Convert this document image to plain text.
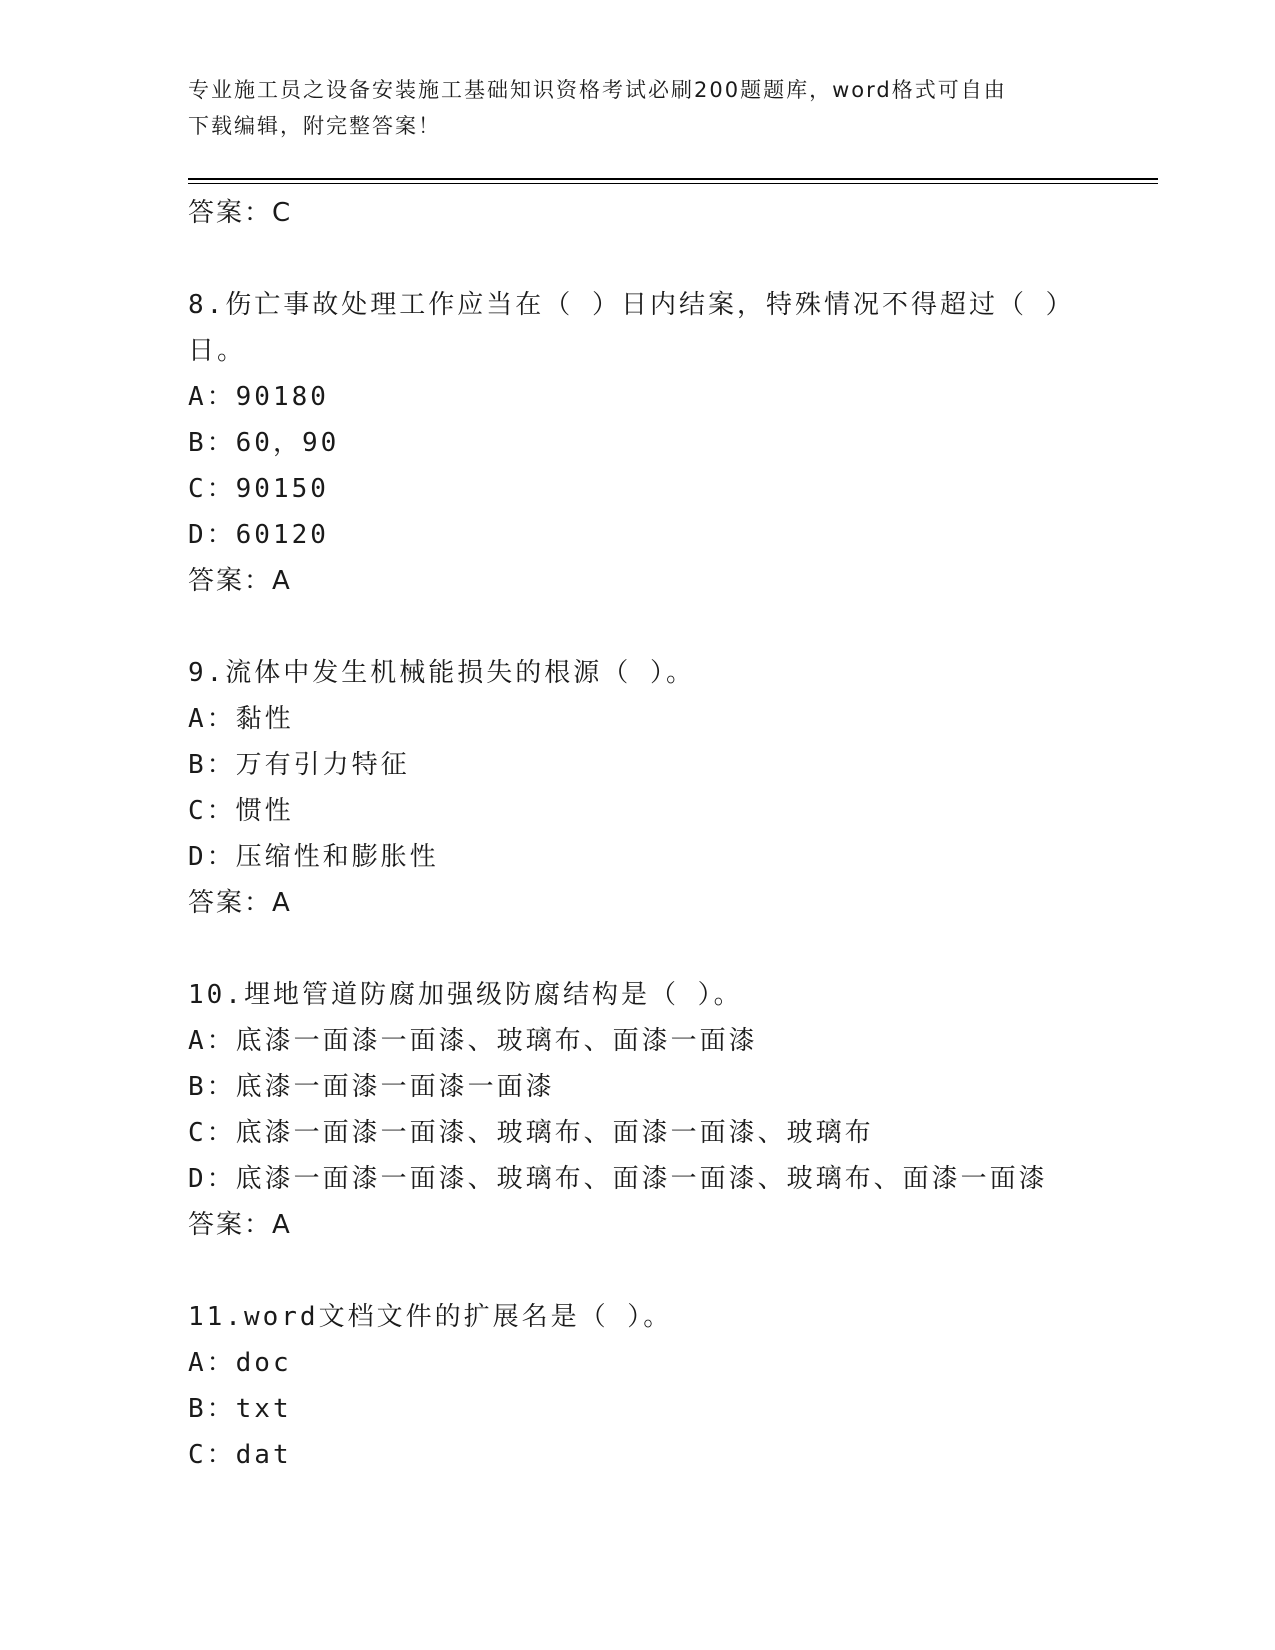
专业施工员之设备安装施工基础知识资格考试必刷200题题库，word格式可自由
下载编辑，附完整答案！
答案：C
8.伤亡事故处理工作应当在（ ）日内结案，特殊情况不得超过（ ）
日。
A：90180
B：60，90
C：90150
D：60120
答案：A
9.流体中发生机械能损失的根源（ ）。
A：黏性
B：万有引力特征
C：惯性
D：压缩性和膨胀性
答案：A
10.埋地管道防腐加强级防腐结构是（ ）。
A：底漆一面漆一面漆、玻璃布、面漆一面漆
B：底漆一面漆一面漆一面漆
C：底漆一面漆一面漆、玻璃布、面漆一面漆、玻璃布
D：底漆一面漆一面漆、玻璃布、面漆一面漆、玻璃布、面漆一面漆
答案：A
11.word文档文件的扩展名是（ ）。
A：doc
B：txt
C：dat
